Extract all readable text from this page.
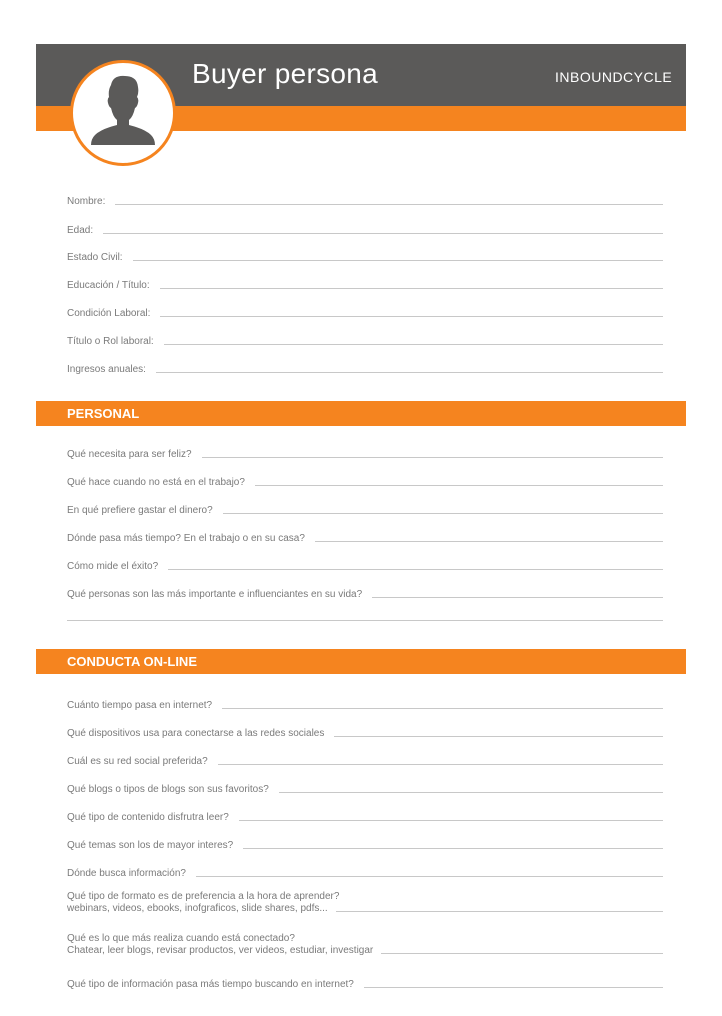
Buyer persona	INBOUNDCYCLE
Nombre:
Edad:
Estado Civil:
Educación / Título:
Condición Laboral:
Título o Rol laboral:
Ingresos anuales:
PERSONAL
Qué necesita para ser feliz?
Qué hace cuando no está en el trabajo?
En qué prefiere gastar el dinero?
Dónde pasa más tiempo? En el trabajo o en su casa?
Cómo mide el éxito?
Qué personas son las más importante e influenciantes en su vida?
CONDUCTA ON-LINE
Cuánto tiempo pasa en internet?
Qué dispositivos usa para conectarse a las redes sociales
Cuál es su red social preferida?
Qué blogs o tipos de blogs son sus favoritos?
Qué tipo de contenido disfrutra leer?
Qué temas son los de mayor interes?
Dónde busca información?
Qué tipo de formato es de preferencia a la hora de aprender?
webinars, videos, ebooks, inofgraficos, slide shares, pdfs...
Qué es lo que más realiza cuando está conectado?
Chatear, leer blogs, revisar productos, ver videos, estudiar, investigar
Qué tipo de información pasa más tiempo buscando en internet?
